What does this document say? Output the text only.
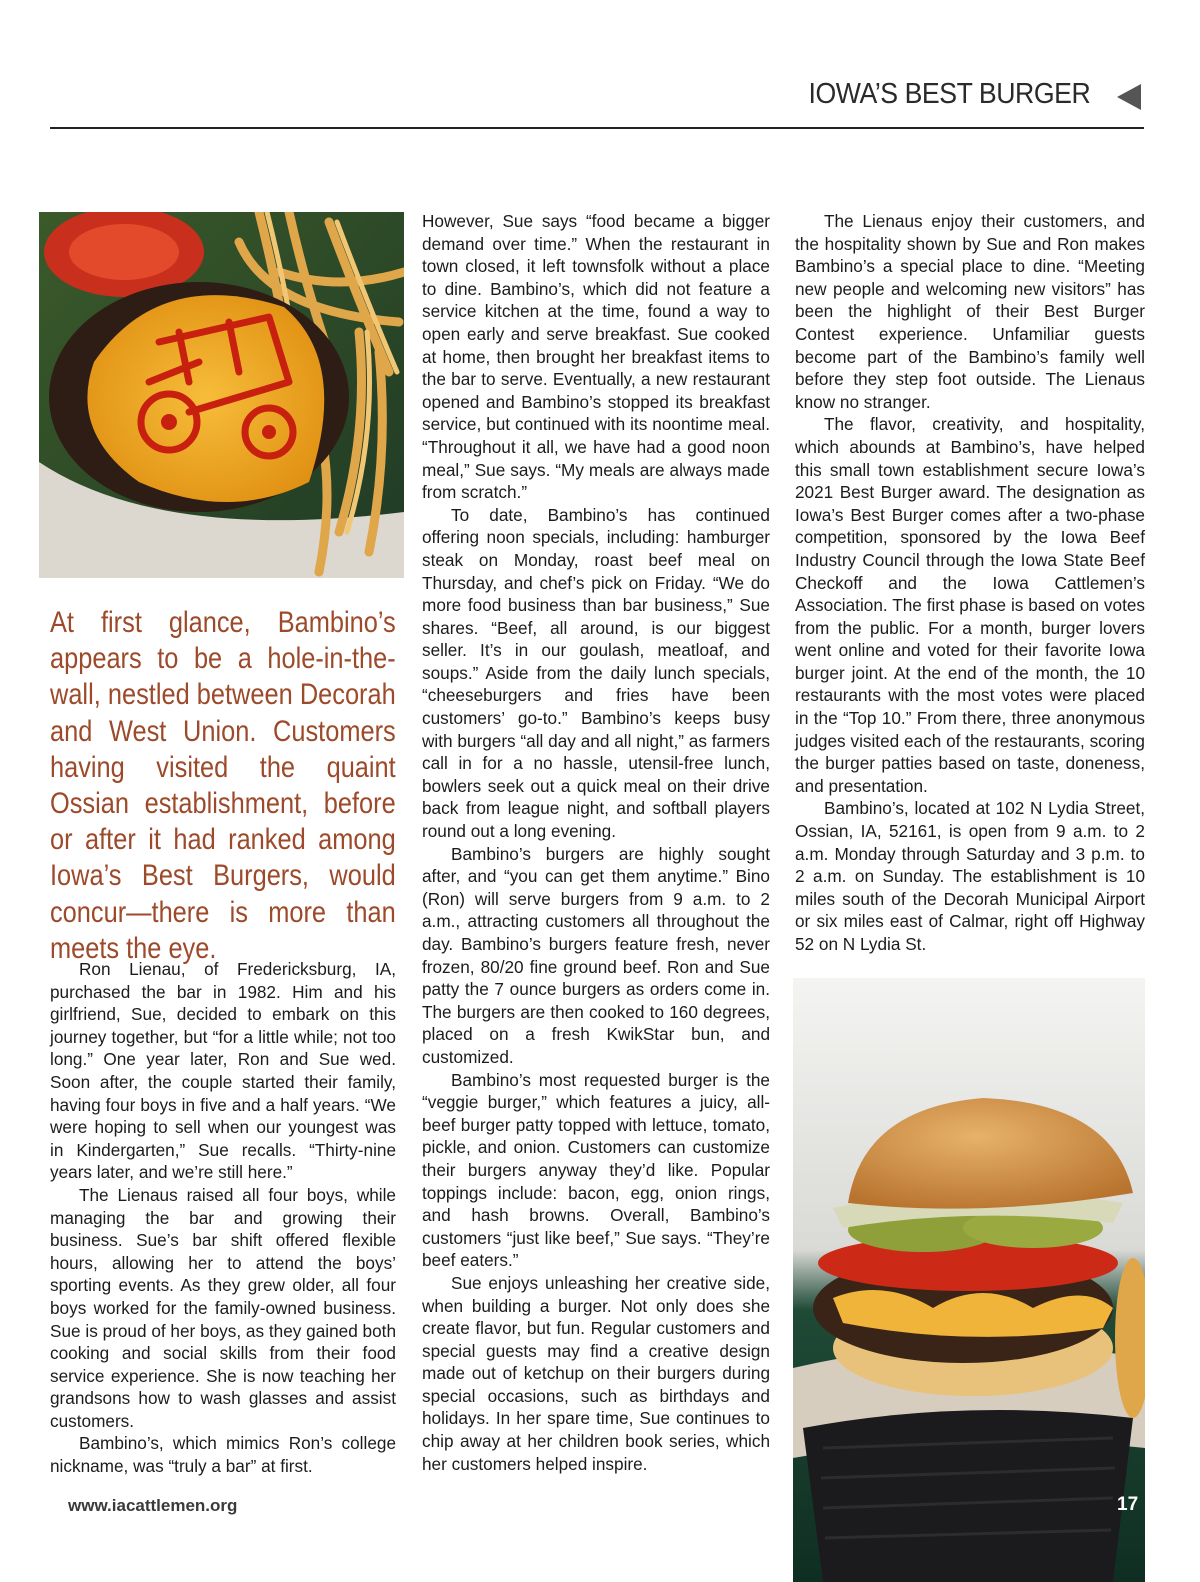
IOWA’S BEST BURGER
At first glance, Bambino’s appears to be a hole-in-the-wall, nestled between Decorah and West Union. Customers having visited the quaint Ossian establishment, before or after it had ranked among Iowa’s Best Burgers, would concur—there is more than meets the eye.

Ron Lienau, of Fredericksburg, IA, purchased the bar in 1982. Him and his girlfriend, Sue, decided to embark on this journey together, but “for a little while; not too long.” One year later, Ron and Sue wed. Soon after, the couple started their family, having four boys in five and a half years. “We were hoping to sell when our youngest was in Kindergarten,” Sue recalls. “Thirty-nine years later, and we’re still here.”

The Lienaus raised all four boys, while managing the bar and growing their business. Sue’s bar shift offered flexible hours, allowing her to attend the boys’ sporting events. As they grew older, all four boys worked for the family-owned business. Sue is proud of her boys, as they gained both cooking and social skills from their food service experience. She is now teaching her grandsons how to wash glasses and assist customers.

Bambino’s, which mimics Ron’s college nickname, was “truly a bar” at first.

However, Sue says “food became a bigger demand over time.” When the restaurant in town closed, it left townsfolk without a place to dine. Bambino’s, which did not feature a service kitchen at the time, found a way to open early and serve breakfast. Sue cooked at home, then brought her breakfast items to the bar to serve. Eventually, a new restaurant opened and Bambino’s stopped its breakfast service, but continued with its noontime meal. “Throughout it all, we have had a good noon meal,” Sue says. “My meals are always made from scratch.”

To date, Bambino’s has continued offering noon specials, including: hamburger steak on Monday, roast beef meal on Thursday, and chef’s pick on Friday. “We do more food business than bar business,” Sue shares. “Beef, all around, is our biggest seller. It’s in our goulash, meatloaf, and soups.” Aside from the daily lunch specials, “cheeseburgers and fries have been customers’ go-to.” Bambino’s keeps busy with burgers “all day and all night,” as farmers call in for a no hassle, utensil-free lunch, bowlers seek out a quick meal on their drive back from league night, and softball players round out a long evening.

Bambino’s burgers are highly sought after, and “you can get them anytime.” Bino (Ron) will serve burgers from 9 a.m. to 2 a.m., attracting customers all throughout the day. Bambino’s burgers feature fresh, never frozen, 80/20 fine ground beef. Ron and Sue patty the 7 ounce burgers as orders come in. The burgers are then cooked to 160 degrees, placed on a fresh KwikStar bun, and customized.

Bambino’s most requested burger is the “veggie burger,” which features a juicy, all-beef burger patty topped with lettuce, tomato, pickle, and onion. Customers can customize their burgers anyway they’d like. Popular toppings include: bacon, egg, onion rings, and hash browns. Overall, Bambino’s customers “just like beef,” Sue says. “They’re beef eaters.”

Sue enjoys unleashing her creative side, when building a burger. Not only does she create flavor, but fun. Regular customers and special guests may find a creative design made out of ketchup on their burgers during special occasions, such as birthdays and holidays. In her spare time, Sue continues to chip away at her children book series, which her customers helped inspire.

The Lienaus enjoy their customers, and the hospitality shown by Sue and Ron makes Bambino’s a special place to dine. “Meeting new people and welcoming new visitors” has been the highlight of their Best Burger Contest experience. Unfamiliar guests become part of the Bambino’s family well before they step foot outside. The Lienaus know no stranger.

The flavor, creativity, and hospitality, which abounds at Bambino’s, have helped this small town establishment secure Iowa’s 2021 Best Burger award. The designation as Iowa’s Best Burger comes after a two-phase competition, sponsored by the Iowa Beef Industry Council through the Iowa State Beef Checkoff and the Iowa Cattlemen’s Association. The first phase is based on votes from the public. For a month, burger lovers went online and voted for their favorite Iowa burger joint. At the end of the month, the 10 restaurants with the most votes were placed in the “Top 10.” From there, three anonymous judges visited each of the restaurants, scoring the burger patties based on taste, doneness, and presentation.

Bambino’s, located at 102 N Lydia Street, Ossian, IA, 52161, is open from 9 a.m. to 2 a.m. Monday through Saturday and 3 p.m. to 2 a.m. on Sunday. The establishment is 10 miles south of the Decorah Municipal Airport or six miles east of Calmar, right off Highway 52 on N Lydia St.

www.iacattlemen.org	17
